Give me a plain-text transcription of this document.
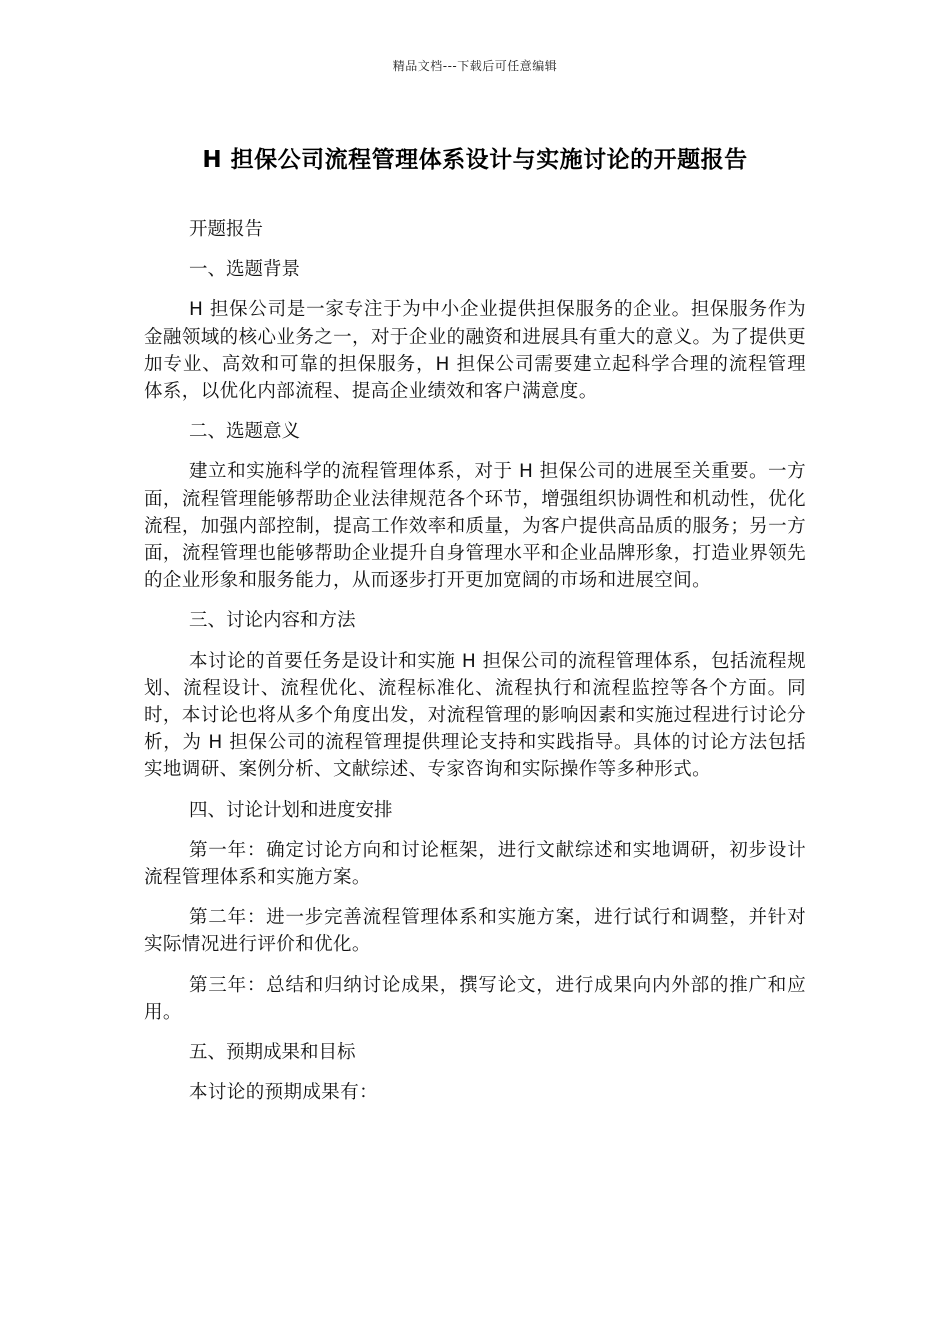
精品文档---下载后可任意编辑
H 担保公司流程管理体系设计与实施讨论的开题报告

开题报告

一、选题背景

H 担保公司是一家专注于为中小企业提供担保服务的企业。担保服务作为金融领域的核心业务之一，对于企业的融资和进展具有重大的意义。为了提供更加专业、高效和可靠的担保服务，H 担保公司需要建立起科学合理的流程管理体系，以优化内部流程、提高企业绩效和客户满意度。

二、选题意义

建立和实施科学的流程管理体系，对于 H 担保公司的进展至关重要。一方面，流程管理能够帮助企业法律规范各个环节，增强组织协调性和机动性，优化流程，加强内部控制，提高工作效率和质量，为客户提供高品质的服务；另一方面，流程管理也能够帮助企业提升自身管理水平和企业品牌形象，打造业界领先的企业形象和服务能力，从而逐步打开更加宽阔的市场和进展空间。

三、讨论内容和方法

本讨论的首要任务是设计和实施 H 担保公司的流程管理体系，包括流程规划、流程设计、流程优化、流程标准化、流程执行和流程监控等各个方面。同时，本讨论也将从多个角度出发，对流程管理的影响因素和实施过程进行讨论分析，为 H 担保公司的流程管理提供理论支持和实践指导。具体的讨论方法包括实地调研、案例分析、文献综述、专家咨询和实际操作等多种形式。

四、讨论计划和进度安排

第一年：确定讨论方向和讨论框架，进行文献综述和实地调研，初步设计流程管理体系和实施方案。

第二年：进一步完善流程管理体系和实施方案，进行试行和调整，并针对实际情况进行评价和优化。

第三年：总结和归纳讨论成果，撰写论文，进行成果向内外部的推广和应用。

五、预期成果和目标

本讨论的预期成果有：
